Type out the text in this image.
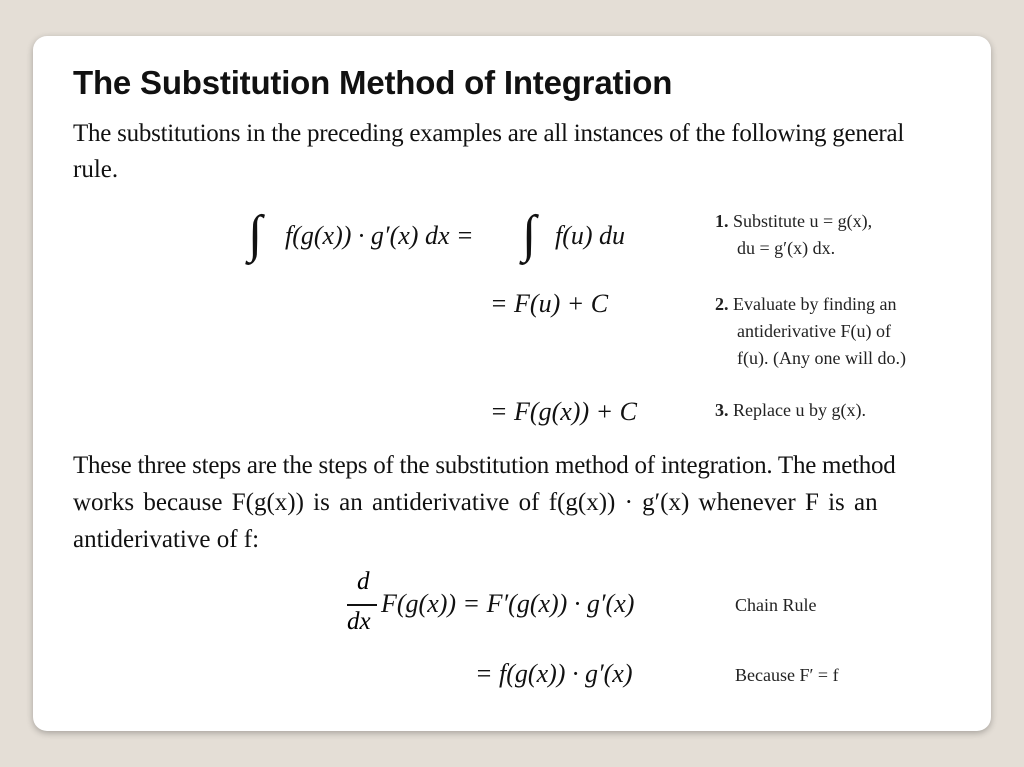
The Substitution Method of Integration
The substitutions in the preceding examples are all instances of the following general
rule.
∫ f(g(x)) · g′(x) dx = ∫ f(u) du
= F(u) + C
= F(g(x)) + C
1. Substitute u = g(x),
du = g′(x) dx.
2. Evaluate by finding an
antiderivative F(u) of
f(u). (Any one will do.)
3. Replace u by g(x).
These three steps are the steps of the substitution method of integration. The method
works because F(g(x)) is an antiderivative of f(g(x)) · g′(x) whenever F is an
antiderivative of f:
d
dx
F(g(x)) = F′(g(x)) · g′(x)
= f(g(x)) · g′(x)
Chain Rule
Because F′ = f
